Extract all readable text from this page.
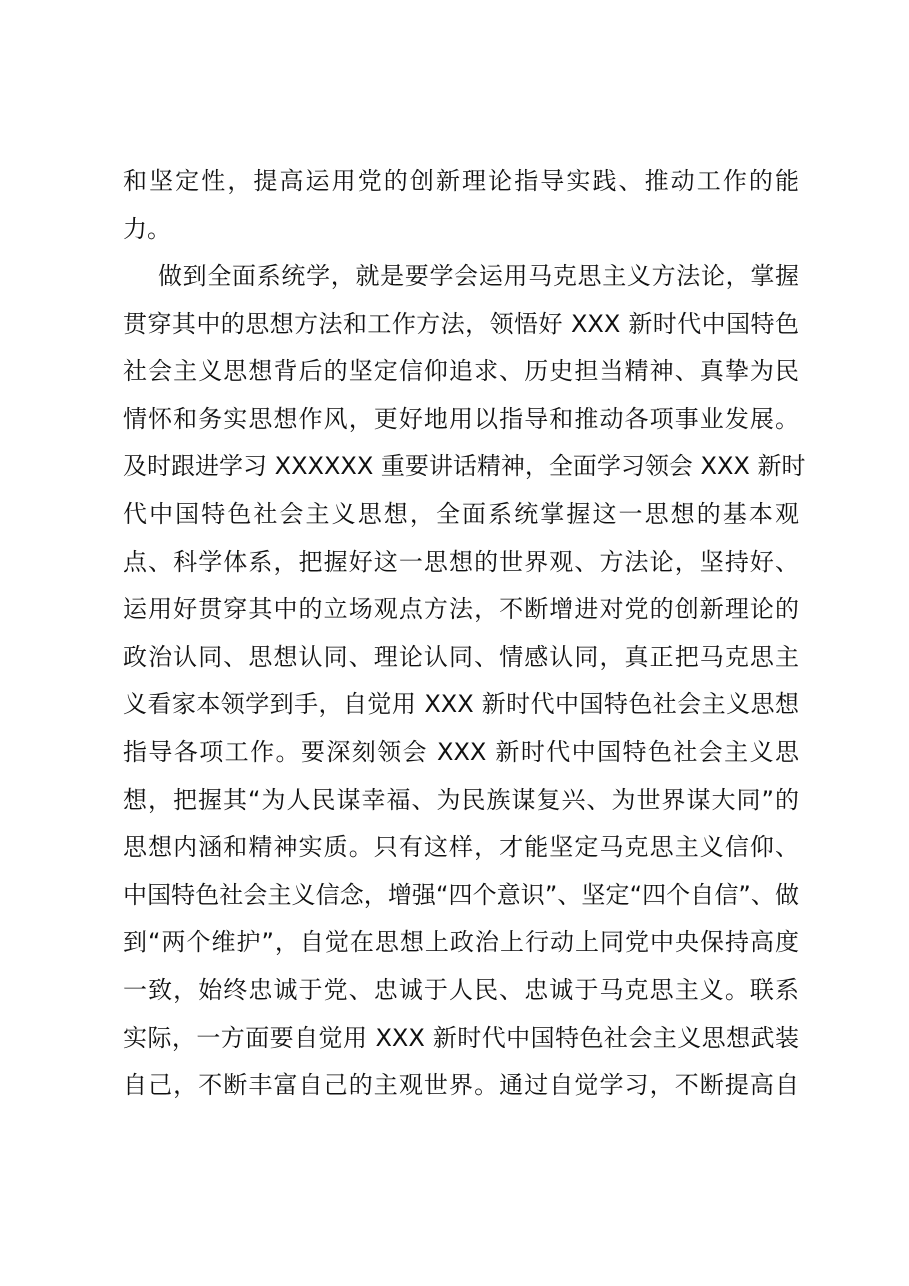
和坚定性，提高运用党的创新理论指导实践、推动工作的能
力。
做到全面系统学，就是要学会运用马克思主义方法论，掌握
贯穿其中的思想方法和工作方法，领悟好 XXX 新时代中国特色
社会主义思想背后的坚定信仰追求、历史担当精神、真挚为民
情怀和务实思想作风，更好地用以指导和推动各项事业发展。
及时跟进学习 XXXXXX 重要讲话精神，全面学习领会 XXX 新时
代中国特色社会主义思想，全面系统掌握这一思想的基本观
点、科学体系，把握好这一思想的世界观、方法论，坚持好、
运用好贯穿其中的立场观点方法，不断增进对党的创新理论的
政治认同、思想认同、理论认同、情感认同，真正把马克思主
义看家本领学到手，自觉用 XXX 新时代中国特色社会主义思想
指导各项工作。要深刻领会 XXX 新时代中国特色社会主义思
想，把握其“为人民谋幸福、为民族谋复兴、为世界谋大同”的
思想内涵和精神实质。只有这样，才能坚定马克思主义信仰、
中国特色社会主义信念，增强“四个意识”、坚定“四个自信”、做
到“两个维护”，自觉在思想上政治上行动上同党中央保持高度
一致，始终忠诚于党、忠诚于人民、忠诚于马克思主义。联系
实际，一方面要自觉用 XXX 新时代中国特色社会主义思想武装
自己，不断丰富自己的主观世界。通过自觉学习，不断提高自
